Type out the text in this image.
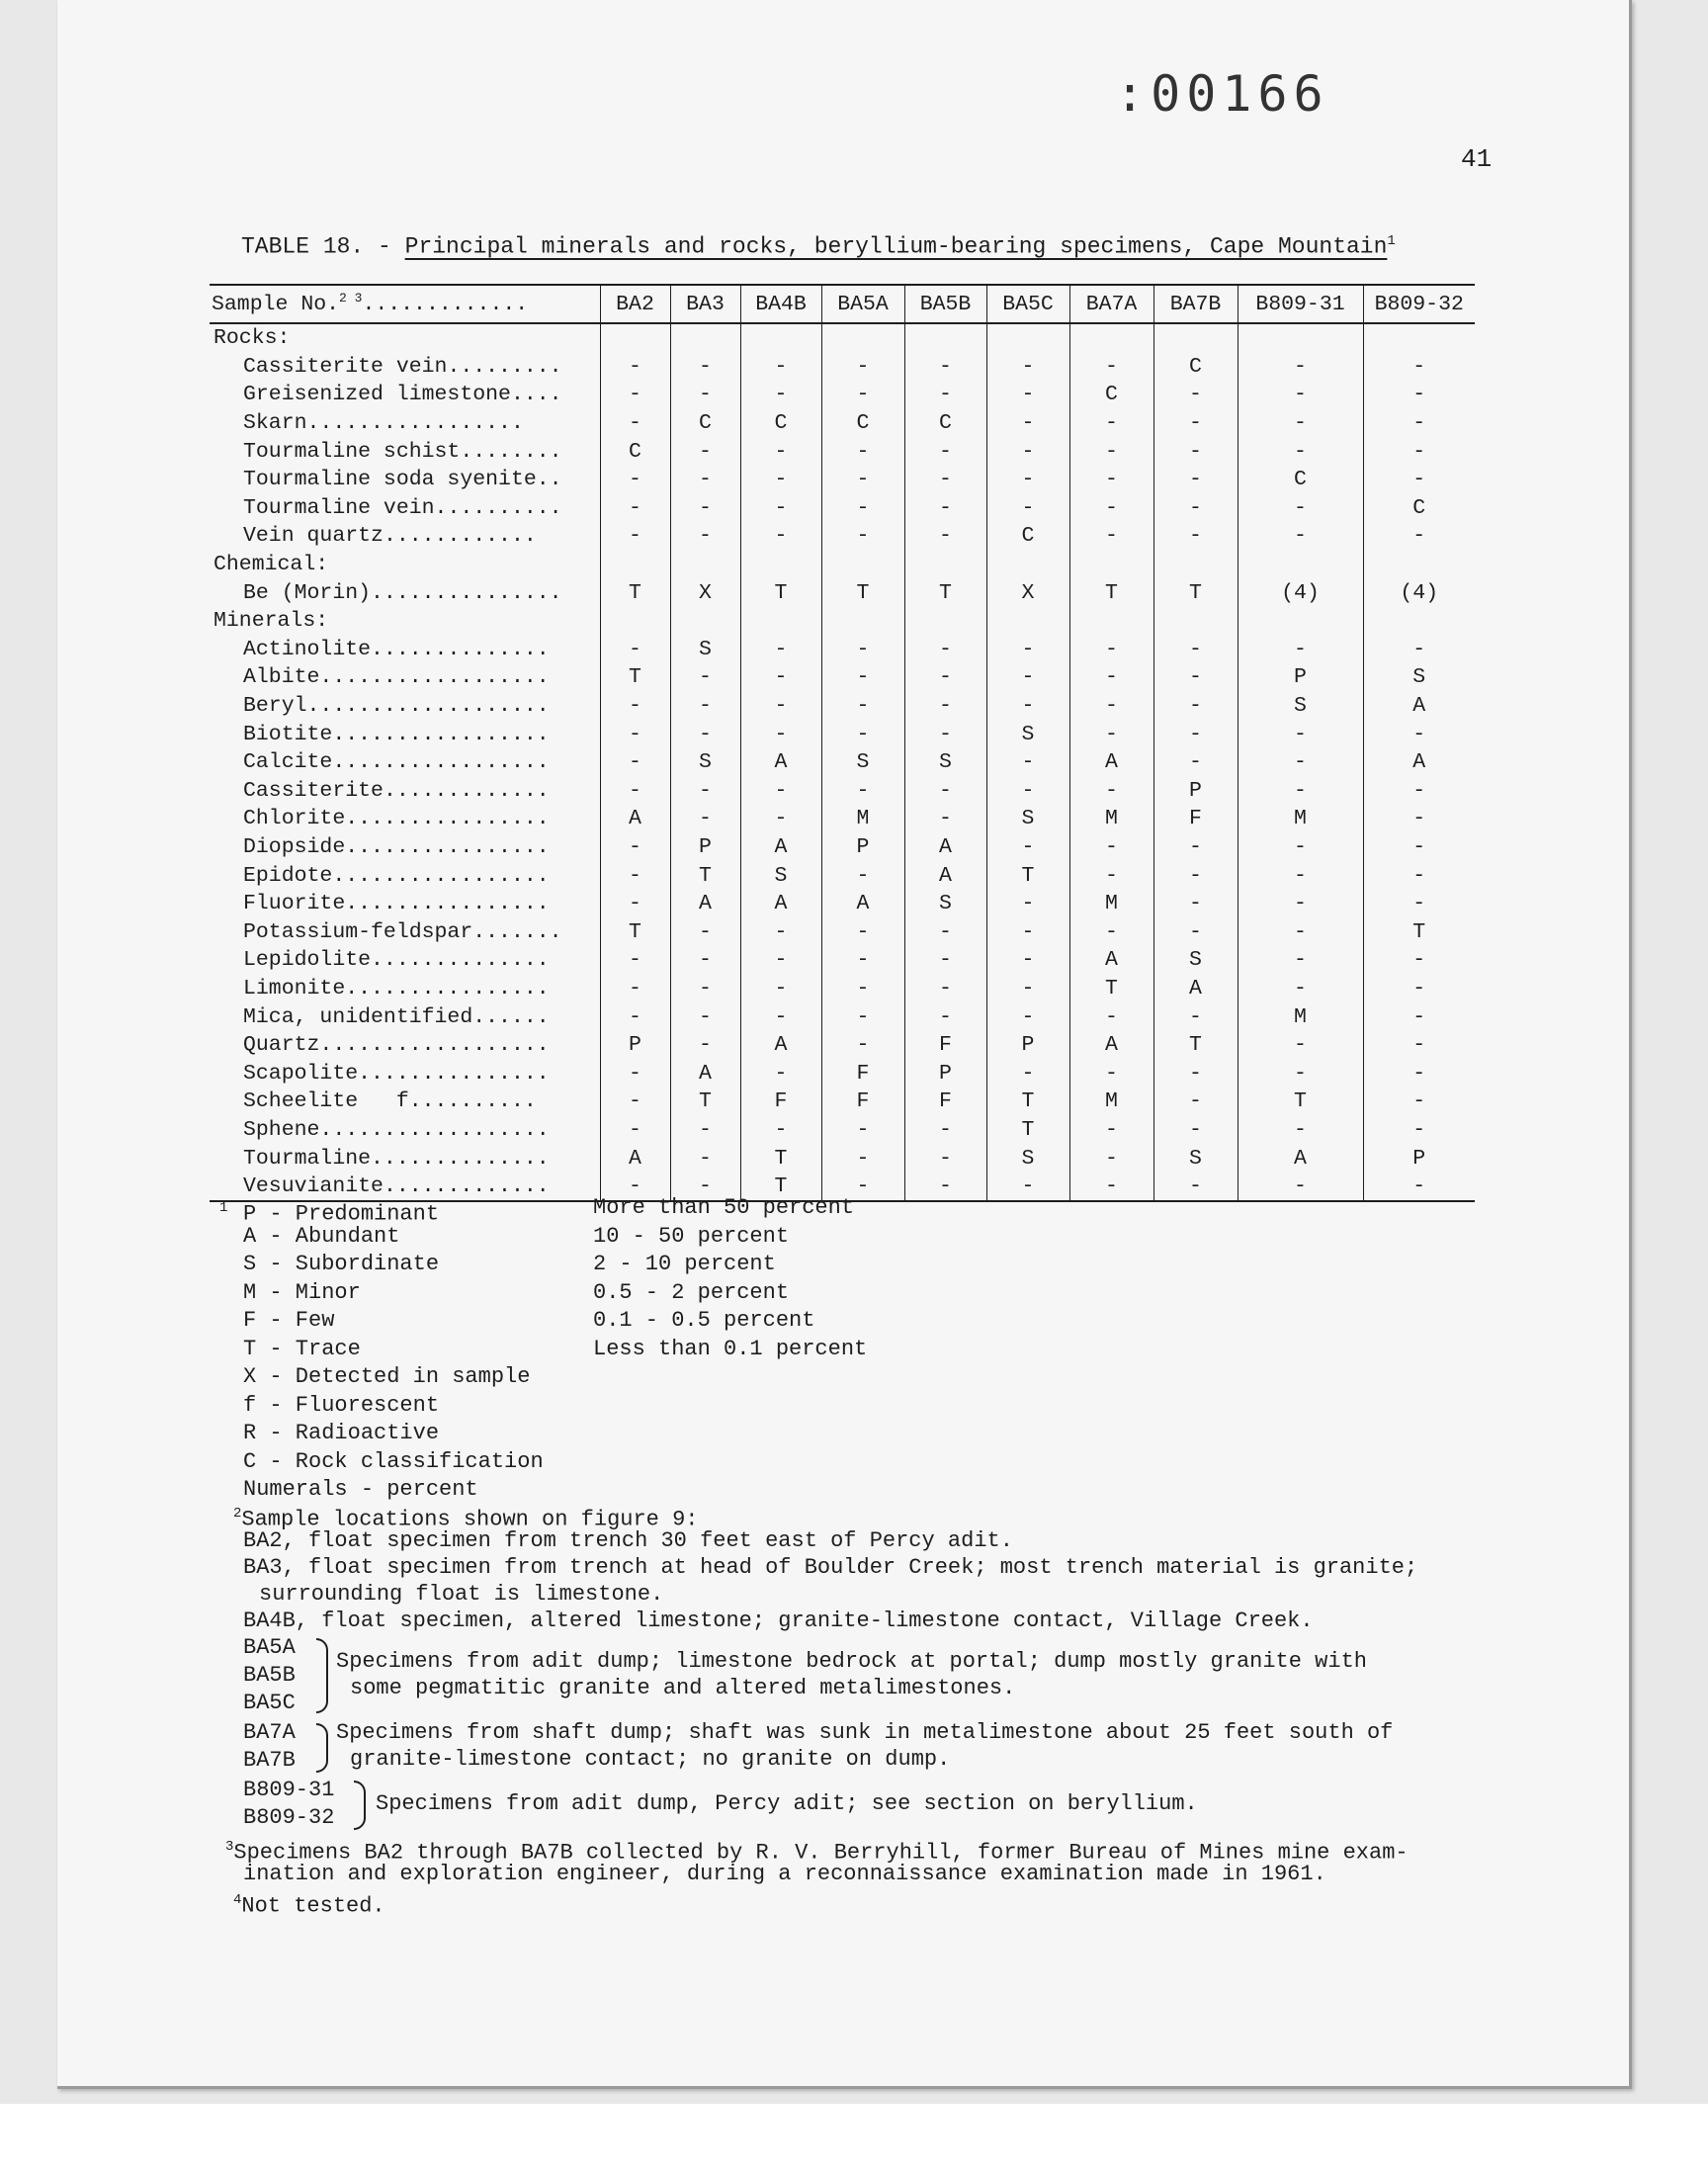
:00166
41
TABLE 18. - Principal minerals and rocks, beryllium-bearing specimens, Cape Mountain$^1$
Sample No.$^{2 3}$.............	BA2	BA3	BA4B	BA5A	BA5B	BA5C	BA7A	BA7B	B809-31	B809-32
Rocks:										
Cassiterite vein.........	-	-	-	-	-	-	-	C	-	-
Greisenized limestone....	-	-	-	-	-	-	C	-	-	-
Skarn.................	-	C	C	C	C	-	-	-	-	-
Tourmaline schist........	C	-	-	-	-	-	-	-	-	-
Tourmaline soda syenite..	-	-	-	-	-	-	-	-	C	-
Tourmaline vein..........	-	-	-	-	-	-	-	-	-	C
Vein quartz............	-	-	-	-	-	C	-	-	-	-
Chemical:										
Be (Morin)...............	T	X	T	T	T	X	T	T	(4)	(4)
Minerals:										
Actinolite..............	-	S	-	-	-	-	-	-	-	-
Albite..................	T	-	-	-	-	-	-	-	P	S
Beryl...................	-	-	-	-	-	-	-	-	S	A
Biotite.................	-	-	-	-	-	S	-	-	-	-
Calcite.................	-	S	A	S	S	-	A	-	-	A
Cassiterite.............	-	-	-	-	-	-	-	P	-	-
Chlorite................	A	-	-	M	-	S	M	F	M	-
Diopside................	-	P	A	P	A	-	-	-	-	-
Epidote.................	-	T	S	-	A	T	-	-	-	-
Fluorite................	-	A	A	A	S	-	M	-	-	-
Potassium-feldspar.......	T	-	-	-	-	-	-	-	-	T
Lepidolite..............	-	-	-	-	-	-	A	S	-	-
Limonite................	-	-	-	-	-	-	T	A	-	-
Mica, unidentified......	-	-	-	-	-	-	-	-	M	-
Quartz..................	P	-	A	-	F	P	A	T	-	-
Scapolite...............	-	A	-	F	P	-	-	-	-	-
Scheelite   f..........	-	T	F	F	F	T	M	-	T	-
Sphene..................	-	-	-	-	-	T	-	-	-	-
Tourmaline..............	A	-	T	-	-	S	-	S	A	P
Vesuvianite.............	-	-	T	-	-	-	-	-	-	-
$^1$ P - Predominant	More than 50 percent
A - Abundant	10 - 50 percent
S - Subordinate	2 - 10 percent
M - Minor	0.5 - 2 percent
F - Few	0.1 - 0.5 percent
T - Trace	Less than 0.1 percent
X - Detected in sample
f - Fluorescent
R - Radioactive
C - Rock classification
Numerals - percent
$^2$Sample locations shown on figure 9:
BA2, float specimen from trench 30 feet east of Percy adit.
BA3, float specimen from trench at head of Boulder Creek; most trench material is granite;
surrounding float is limestone.
BA4B, float specimen, altered limestone; granite-limestone contact, Village Creek.
BA5A
BA5B
BA5C
Specimens from adit dump; limestone bedrock at portal; dump mostly granite with
some pegmatitic granite and altered metalimestones.
BA7A
BA7B
Specimens from shaft dump; shaft was sunk in metalimestone about 25 feet south of
granite-limestone contact; no granite on dump.
B809-31
B809-32
Specimens from adit dump, Percy adit; see section on beryllium.
$^3$Specimens BA2 through BA7B collected by R. V. Berryhill, former Bureau of Mines mine exam-
ination and exploration engineer, during a reconnaissance examination made in 1961.
$^4$Not tested.
